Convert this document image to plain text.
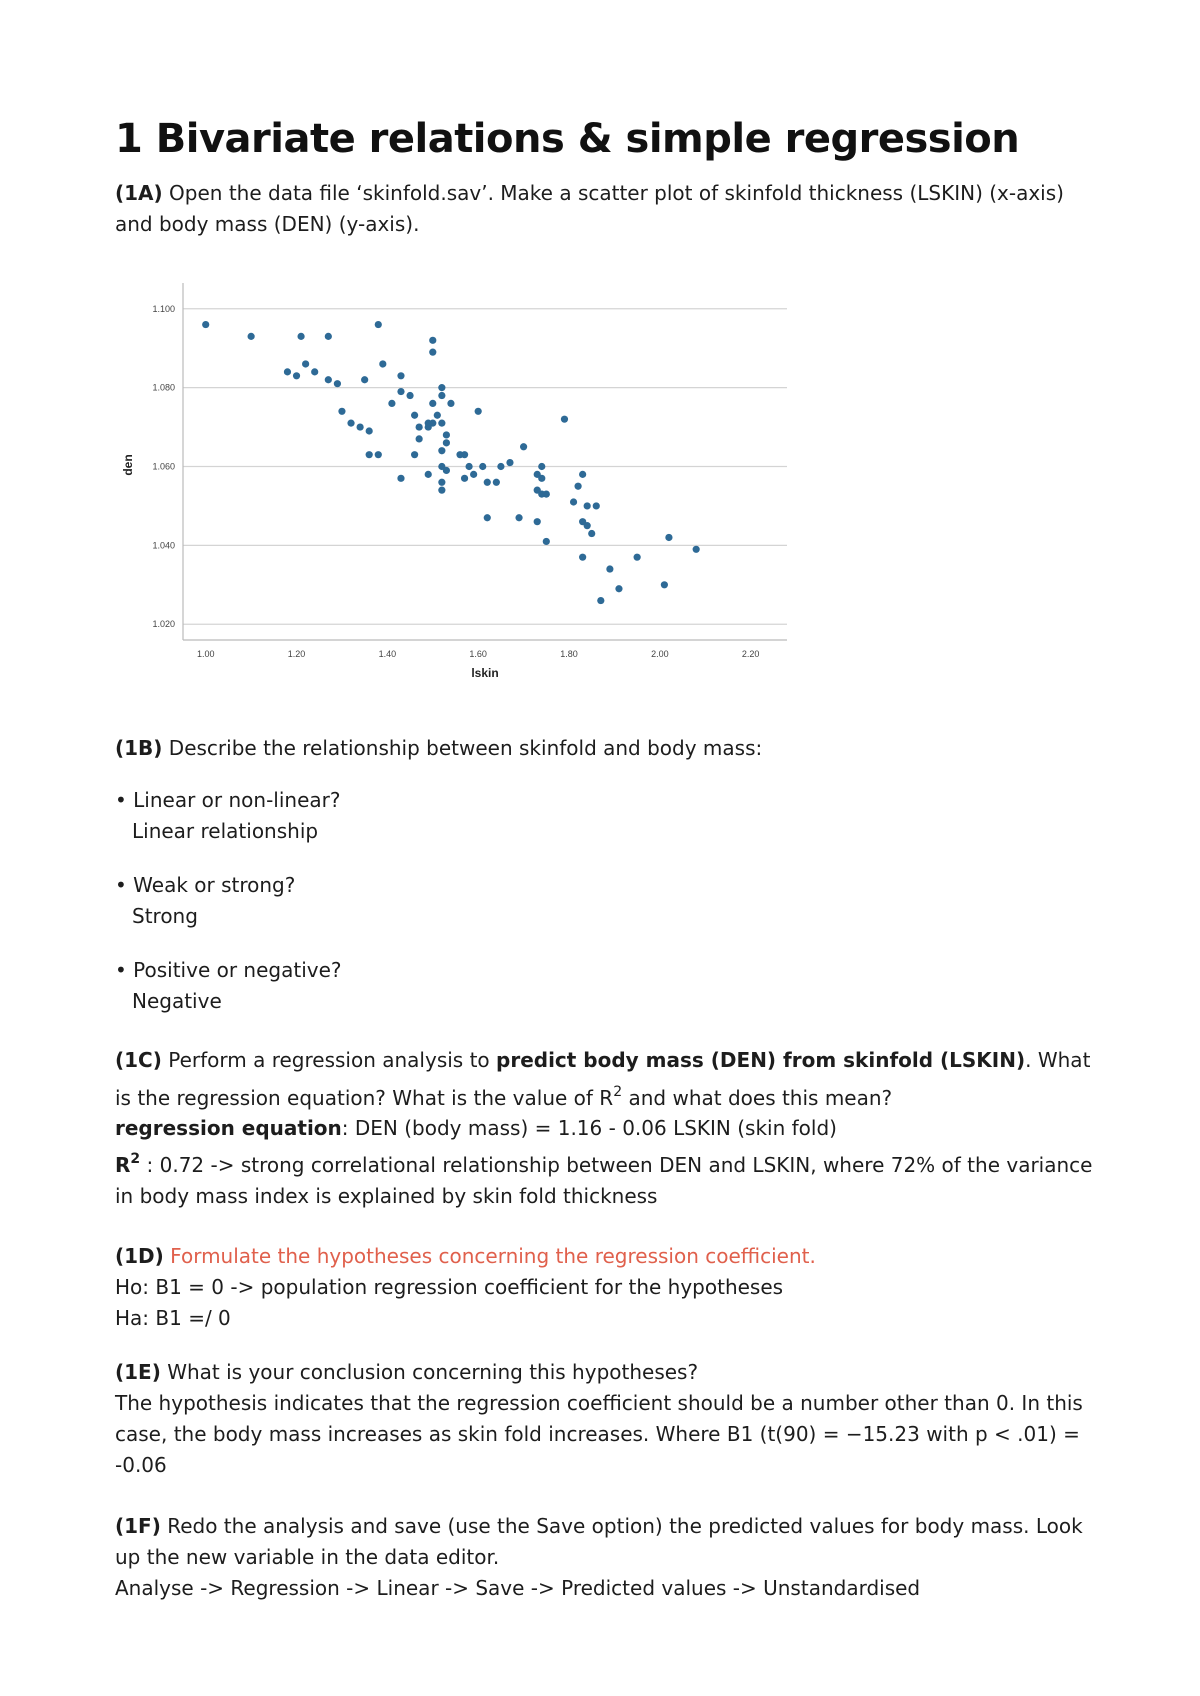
1 Bivariate relations & simple regression

(1A) Open the data file ‘skinfold.sav’. Make a scatter plot of skinfold thickness (LSKIN) (x-axis) and body mass (DEN) (y-axis).

1.020
1.040
1.060
1.080
1.100
1.00	1.20	1.40	1.60	1.80	2.00	2.20
lskin
den

(1B) Describe the relationship between skinfold and body mass:

• Linear or non-linear?
Linear relationship
• Weak or strong?
Strong
• Positive or negative?
Negative

(1C) Perform a regression analysis to predict body mass (DEN) from skinfold (LSKIN). What is the regression equation? What is the value of $R^2$ and what does this mean?

regression equation: DEN (body mass) = 1.16 - 0.06 LSKIN (skin fold)

$R^2$ : 0.72 -> strong correlational relationship between DEN and LSKIN, where 72% of the variance in body mass index is explained by skin fold thickness

(1D) Formulate the hypotheses concerning the regression coefficient.

Ho: B1 = 0 -> population regression coefficient for the hypotheses

Ha: B1 =/ 0

(1E) What is your conclusion concerning this hypotheses?

The hypothesis indicates that the regression coefficient should be a number other than 0. In this case, the body mass increases as skin fold increases. Where B1 (t(90) = −15.23 with p < .01) = -0.06

(1F) Redo the analysis and save (use the Save option) the predicted values for body mass. Look up the new variable in the data editor.

Analyse -> Regression -> Linear -> Save -> Predicted values -> Unstandardised
